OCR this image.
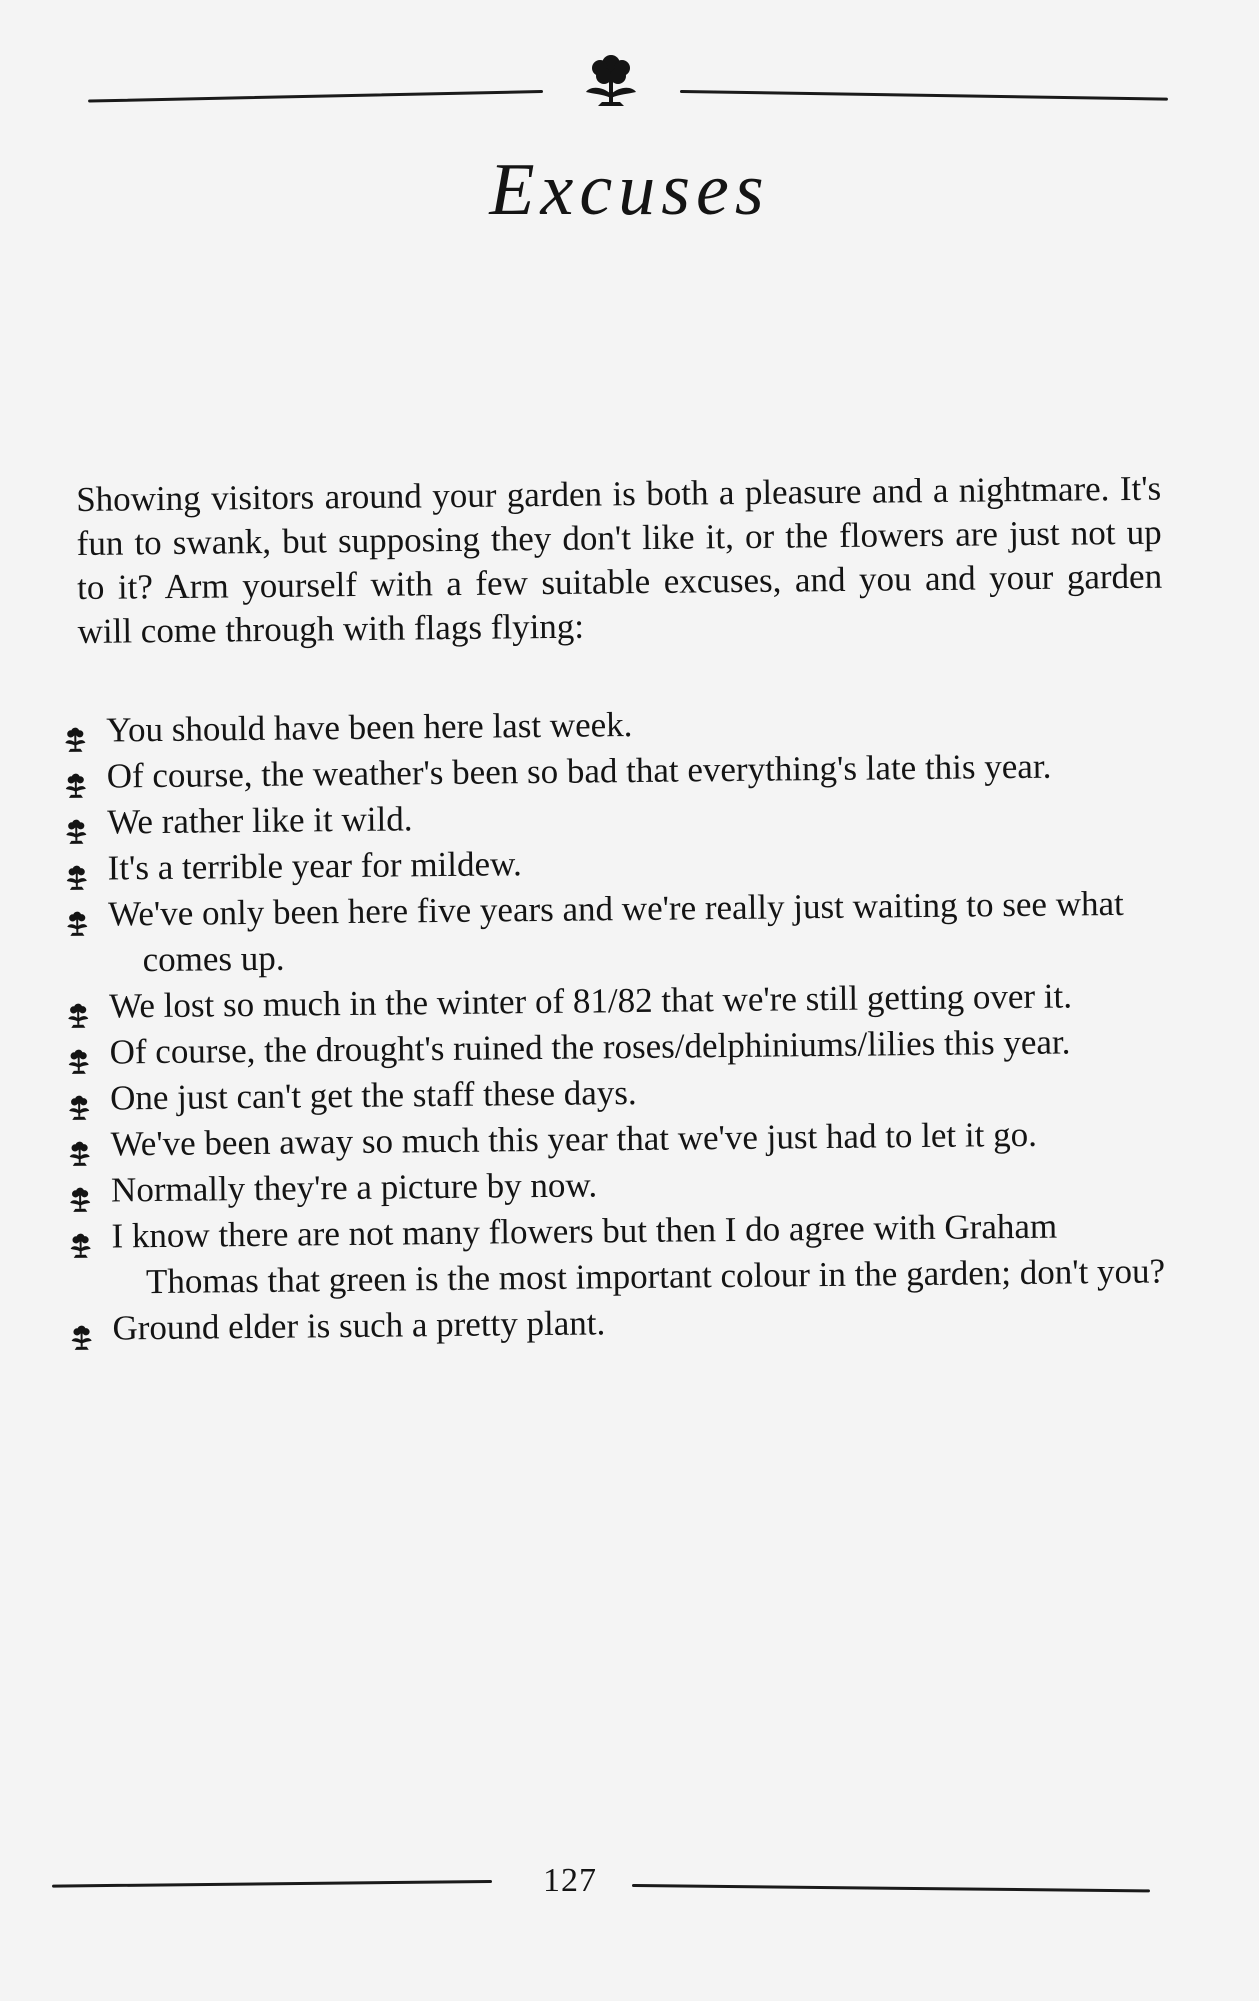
Excuses

Showing visitors around your garden is both a pleasure and a nightmare. It's fun to swank, but supposing they don't like it, or the flowers are just not up to it? Arm yourself with a few suitable excuses, and you and your garden will come through with flags flying:

You should have been here last week.
Of course, the weather's been so bad that everything's late this year.
We rather like it wild.
It's a terrible year for mildew.
We've only been here five years and we're really just waiting to see what comes up.
We lost so much in the winter of 81/82 that we're still getting over it.
Of course, the drought's ruined the roses/delphiniums/lilies this year.
One just can't get the staff these days.
We've been away so much this year that we've just had to let it go.
Normally they're a picture by now.
I know there are not many flowers but then I do agree with Graham Thomas that green is the most important colour in the garden; don't you?
Ground elder is such a pretty plant.
127
